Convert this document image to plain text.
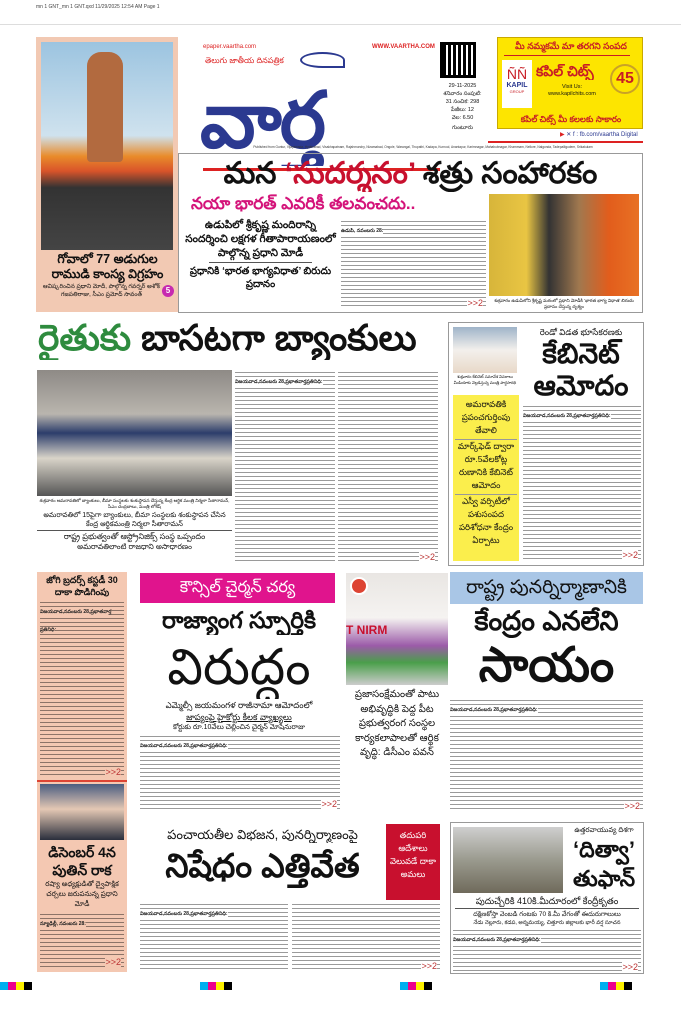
mn 1 GNT_mn 1 GNT.qxd 11/29/2025 12:54 AM Page 1
గోవాలో 77 అడుగుల రాముడి కాంస్య విగ్రహం
ఆవిష్కరించిన ప్రధాని మోదీ, పాల్గొన్న గవర్నర్ అశోక్ గజపతిరాజు, సీఎం ప్రమోద్ సావంత్	5
epaper.vaartha.com	WWW.VAARTHA.COM
తెలుగు జాతీయ దినపత్రిక
వార్త	29-11-2025
శనివారం సంపుటి:
31 సంచిక: 298
పేజీలు: 12
వెల: 6.50
గుంటూరు
మీ నమ్మకమే మా తరగని సంపద
ÑÑ
KAPIL
GROUP
కపిల్ చిట్స్
Visit Us:
www.kapilchits.com
45
కపిల్ చిట్స్ మీ కలలకు సాకారం
▶ ✕ f : fb.com/vaartha Digital
Published from Guntur, Vijayawada, Hyderabad, Visakhapatnam, Rajahmundry, Nizamabad, Ongole, Warangal, Tirupathi, Kadapa, Kurnool, Anantapur, Karimnagar, Mahabubnagar, Khammam, Nellore, Nalgonda, Tadepalligudem, Srikakulam
మన ‘సుదర్శనం’ శత్రు సంహారకం
నయా భారత్ ఎవరికీ తలవంచదు..
ఉడుపిలో శ్రీకృష్ణ మందిరాన్ని సందర్శించి లక్షగళ గీతాపారాయణంలో పాల్గొన్న ప్రధాని మోడీ
ప్రధానికి ‘భారత భాగ్యవిధాత’ బిరుదు ప్రదానం
ఉడుపి, నవంబరు 28:
>>2	శుక్రవారం ఉడుపిలోని శ్రీకృష్ణ మఠంలో ప్రధాని మోడీకి ‘భారత భాగ్య విధాత’ బిరుదు ప్రదానం చేస్తున్న దృశ్యం
రైతుకు బాసటగా బ్యాంకులు
శుక్రవారం అమరావతిలో బ్యాంకులు, బీమా సంస్థలకు శంకుస్థాపన చేస్తున్న కేంద్ర ఆర్థిక మంత్రి నిర్మలా సీతారామన్, సీఎం చంద్రబాబు, మంత్రి లోకేష్
అమరావతిలో 15పైగా బ్యాంకులు, బీమా సంస్థలకు శంకుస్థాపన చేసిన కేంద్ర ఆర్థికమంత్రి నిర్మలా సీతారామన్
రాష్ట్ర ప్రభుత్వంతో ఆస్ట్రోనిజిక్స్ సంస్థ ఒప్పందం
అమరావతిలాంటి రాజధాని అసాధారణం
విజయవాడ,నవంబరు 28,ప్రభాతవార్తప్రతినిధి:
>>2
శుక్రవారం కేబినెట్ సమావేశ వివరాలు మీడియాకు వెల్లడిస్తున్న మంత్రి పార్థసారథి
అమరావతికి ప్రపంచగుర్తింపు తేవాలి
మార్క్‌ఫెడ్ ద్వారా రూ.5వేలకోట్ల రుణానికి కేబినెట్ ఆమోదం
ఎస్వీ వర్సిటీలో పశుసంపద పరిశోధనా కేంద్రం ఏర్పాటు
రెండో విడత భూసేకరణకు
కేబినెట్ ఆమోదం
విజయవాడ,నవంబరు 28,ప్రభాతవార్తప్రతినిధి:
>>2
జోగి బ్రదర్స్ కస్టడీ 30 దాకా పొడిగింపు
విజయవాడ,నవంబరు 28,ప్రభాతవార్త ప్రతినిధి:
>>2
డిసెంబర్ 4న పుతిన్ రాక
రష్యా అధ్యక్షుడితో ద్వైపాక్షిక చర్చలు జరుపనున్న ప్రధాని మోడీ
న్యూఢిల్లీ, నవంబరు 28:
>>2
కౌన్సిల్ చైర్మన్ చర్య
రాజ్యాంగ స్ఫూర్తికి
విరుద్ధం
ఎమ్మెల్సీ జయమంగళ రాజీనామా ఆమోదంలో
జాప్యంపై హైకోర్టు కీలక వ్యాఖ్యలు
కోర్టుకు రూ.10వేలు చెల్లించిన చైర్మన్ మోషేనురాజు
విజయవాడ,నవంబరు 28,ప్రభాతవార్తప్రతినిధి:
>>2
T NIRM
ప్రజాసంక్షేమంతో పాటు అభివృద్ధికి పెద్ద పీట ప్రభుత్వరంగ సంస్థల కార్యకలాపాలతో ఆర్థిక వృద్ధి: డిసీఎం పవన్
రాష్ట్ర పునర్నిర్మాణానికి
కేంద్రం ఎనలేని
సాయం
విజయవాడ,నవంబరు 28,ప్రభాతవార్తప్రతినిధి:
>>2
పంచాయతీల విభజన, పునర్నిర్మాణంపై
నిషేధం ఎత్తివేత
తదుపరి ఆదేశాలు వెలువడే దాకా అమలు
విజయవాడ,నవంబరు 28,ప్రభాతవార్తప్రతినిధి:
>>2
ఉత్తరవాయువ్య దిశగా
‘దిత్వా’
తుఫాన్
పుదుచ్చేరికి 410కి.మీదూరంలో కేంద్రీకృతం
దక్షిణకోస్తా వెంబడి గంటకు 70 కి.మీ వేగంతో ఈదురుగాలులు
నేడు నెల్లూరు, కడప, అన్నమయ్య, చిత్తూరు జిల్లాలకు భారీ వర్ష సూచన
విజయవాడ,నవంబరు 28,ప్రభాతవార్తప్రతినిధి:
>>2
